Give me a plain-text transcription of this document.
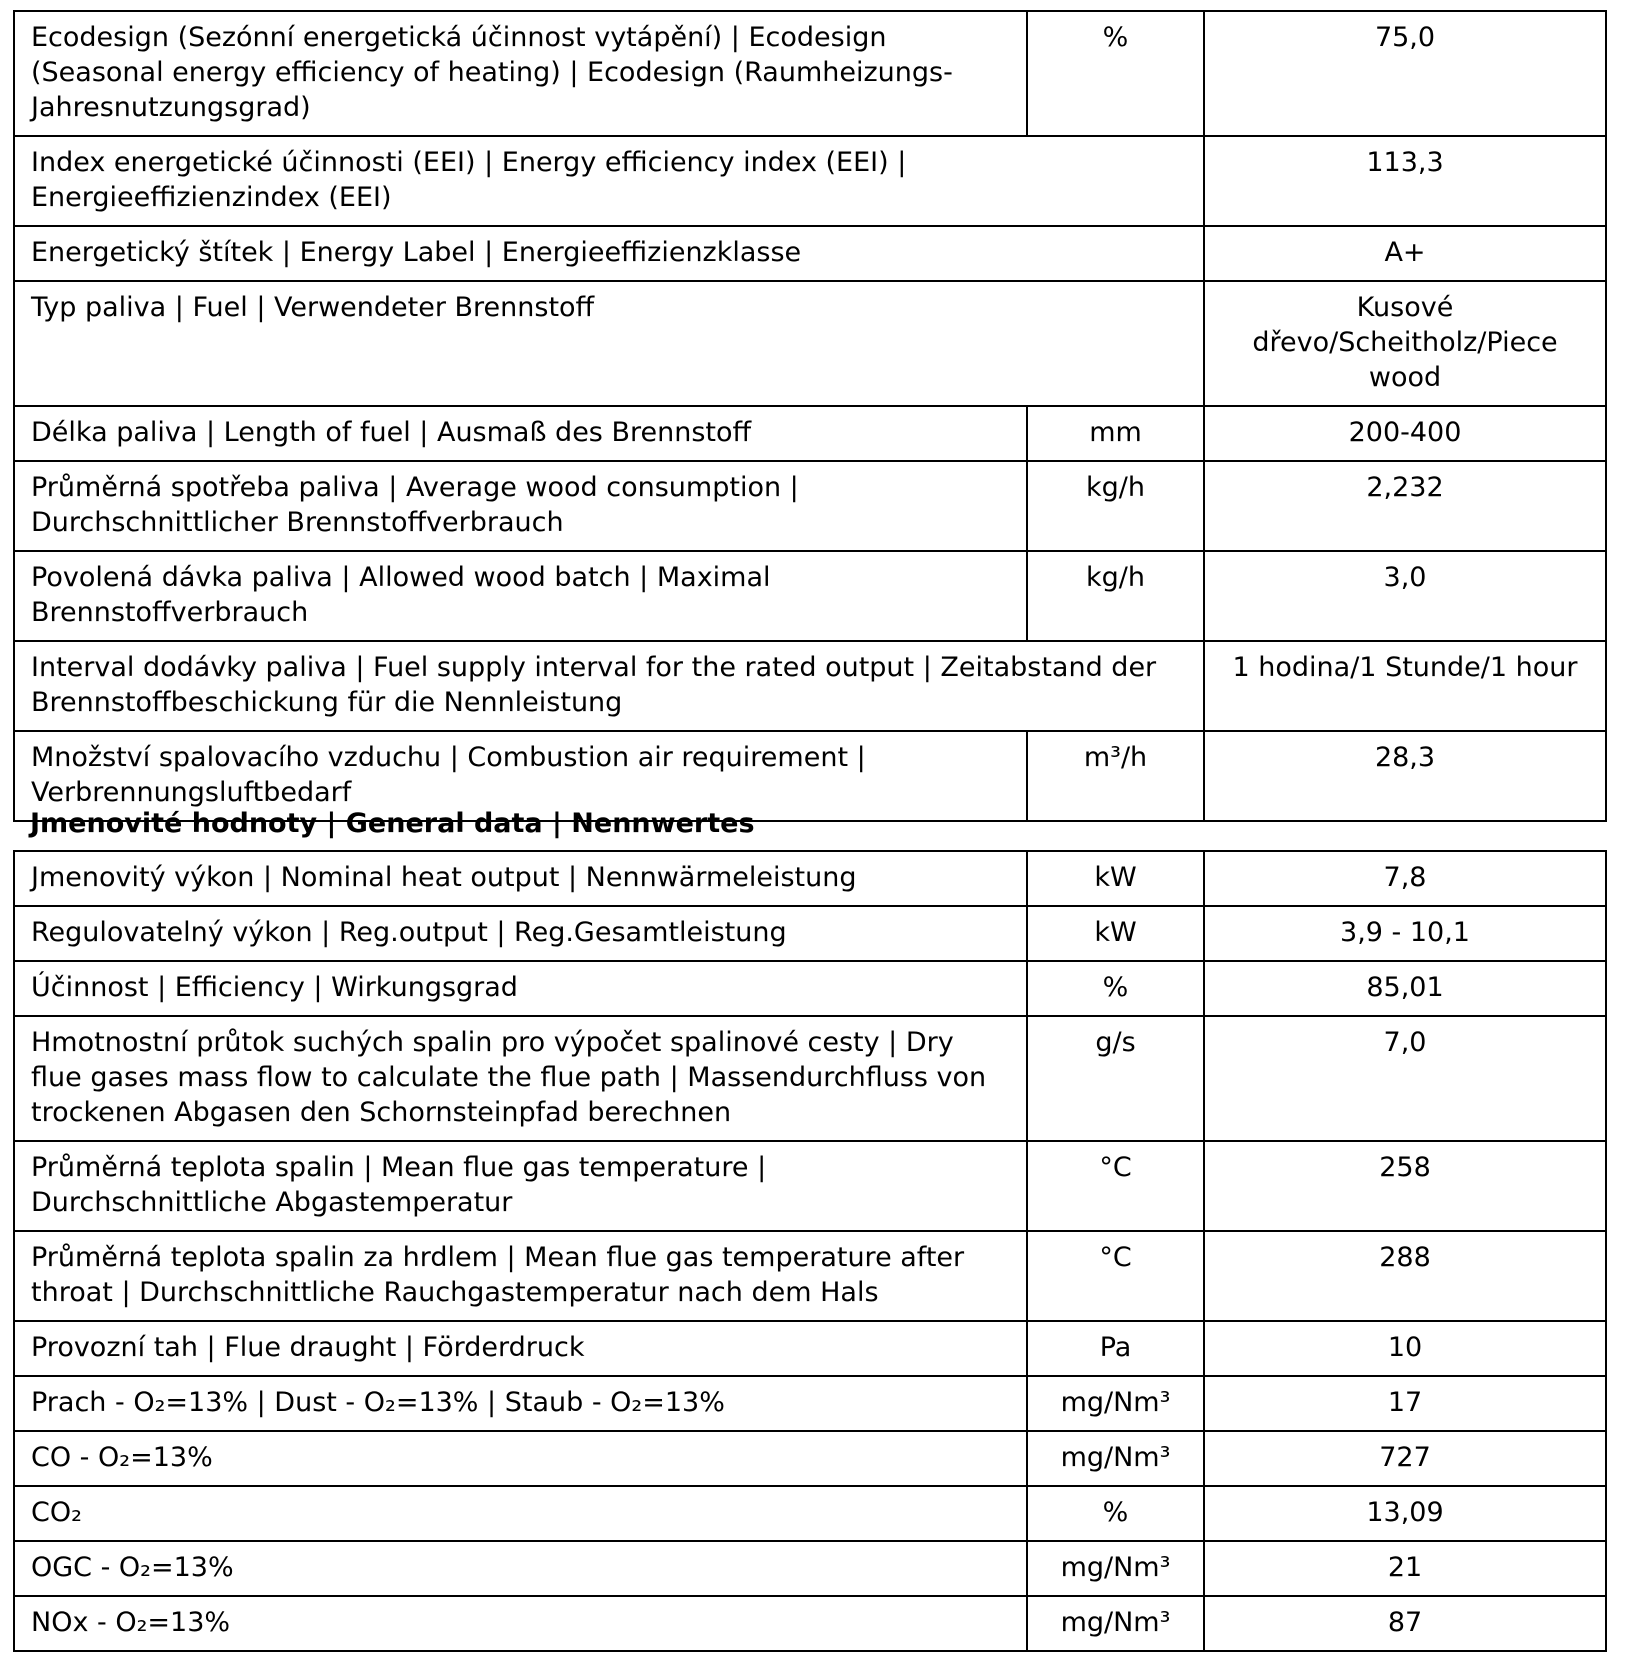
Ecodesign (Sezónní energetická účinnost vytápění) | Ecodesign (Seasonal energy efficiency of heating) | Ecodesign (Raumheizungs-Jahresnutzungsgrad)	%	75,0
Index energetické účinnosti (EEI) | Energy efficiency index (EEI) | Energieeffizienzindex (EEI)		113,3
Energetický štítek | Energy Label | Energieeffizienzklasse		A+
Typ paliva | Fuel | Verwendeter Brennstoff		Kusové dřevo/Scheitholz/Piece wood
Délka paliva | Length of fuel | Ausmaß des Brennstoff	mm	200-400
Průměrná spotřeba paliva | Average wood consumption | Durchschnittlicher Brennstoffverbrauch	kg/h	2,232
Povolená dávka paliva | Allowed wood batch | Maximal Brennstoffverbrauch	kg/h	3,0
Interval dodávky paliva | Fuel supply interval for the rated output | Zeitabstand der Brennstoffbeschickung für die Nennleistung		1 hodina/1 Stunde/1 hour
Množství spalovacího vzduchu | Combustion air requirement | Verbrennungsluftbedarf	m³/h	28,3
Jmenovité hodnoty | General data | Nennwertes
Jmenovitý výkon | Nominal heat output | Nennwärmeleistung	kW	7,8
Regulovatelný výkon | Reg.output | Reg.Gesamtleistung	kW	3,9 - 10,1
Účinnost | Efficiency | Wirkungsgrad	%	85,01
Hmotnostní průtok suchých spalin pro výpočet spalinové cesty | Dry flue gases mass flow to calculate the flue path | Massendurchfluss von trockenen Abgasen den Schornsteinpfad berechnen	g/s	7,0
Průměrná teplota spalin | Mean flue gas temperature | Durchschnittliche Abgastemperatur	°C	258
Průměrná teplota spalin za hrdlem | Mean flue gas temperature after throat | Durchschnittliche Rauchgastemperatur nach dem Hals	°C	288
Provozní tah | Flue draught | Förderdruck	Pa	10
Prach - O₂=13% | Dust - O₂=13% | Staub - O₂=13%	mg/Nm³	17
CO - O₂=13%	mg/Nm³	727
CO₂	%	13,09
OGC - O₂=13%	mg/Nm³	21
NOx - O₂=13%	mg/Nm³	87
